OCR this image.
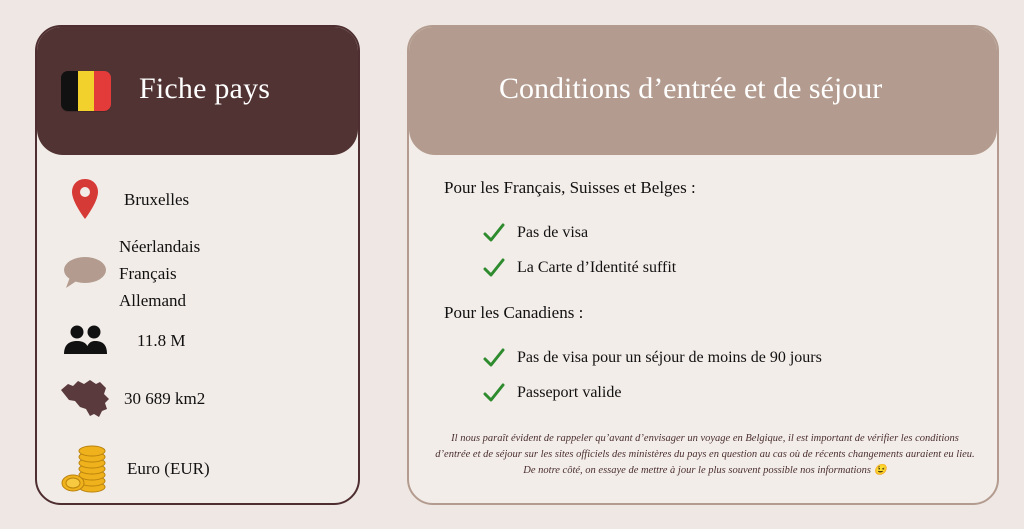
Fiche pays
Bruxelles
Néerlandais
Français
Allemand
11.8 M
30 689 km2
Euro (EUR)
Conditions d’entrée et de séjour
Pour les Français, Suisses et Belges :
Pas de visa
La Carte d’Identité suffit
Pour les Canadiens :
Pas de visa pour un séjour de moins de 90 jours
Passeport valide
Il nous paraît évident de rappeler qu’avant d’envisager un voyage en Belgique, il est important de vérifier les conditions d’entrée et de séjour sur les sites officiels des ministères du pays en question au cas où de récents changements auraient eu lieu. De notre côté, on essaye de mettre à jour le plus souvent possible nos informations 😉
